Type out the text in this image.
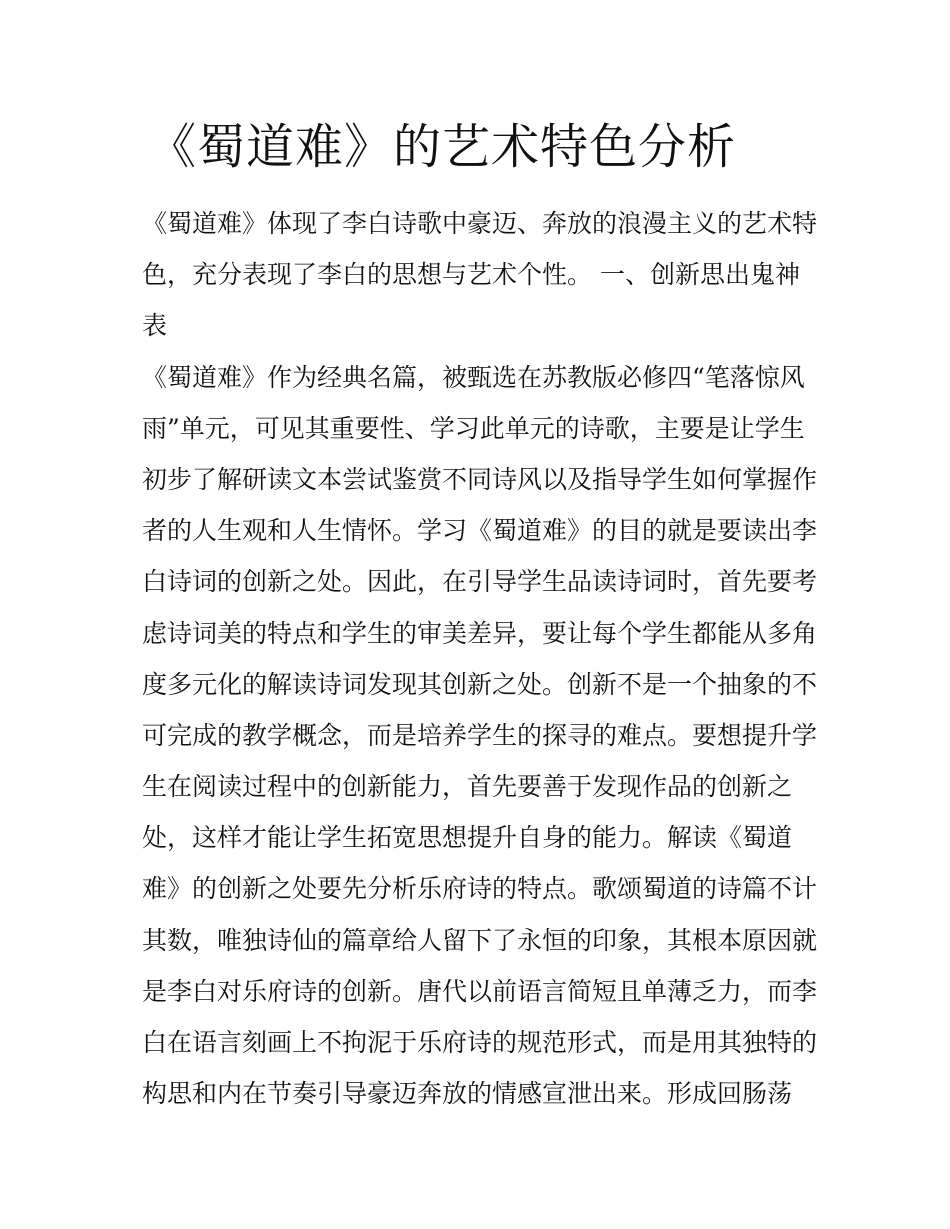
《蜀道难》的艺术特色分析
《蜀道难》体现了李白诗歌中豪迈、奔放的浪漫主义的艺术特
色，充分表现了李白的思想与艺术个性。 一、创新思出鬼神
表
《蜀道难》作为经典名篇，被甄选在苏教版必修四“笔落惊风
雨”单元，可见其重要性、学习此单元的诗歌，主要是让学生
初步了解研读文本尝试鉴赏不同诗风以及指导学生如何掌握作
者的人生观和人生情怀。学习《蜀道难》的目的就是要读出李
白诗词的创新之处。因此，在引导学生品读诗词时，首先要考
虑诗词美的特点和学生的审美差异，要让每个学生都能从多角
度多元化的解读诗词发现其创新之处。创新不是一个抽象的不
可完成的教学概念，而是培养学生的探寻的难点。要想提升学
生在阅读过程中的创新能力，首先要善于发现作品的创新之
处，这样才能让学生拓宽思想提升自身的能力。解读《蜀道
难》的创新之处要先分析乐府诗的特点。歌颂蜀道的诗篇不计
其数，唯独诗仙的篇章给人留下了永恒的印象，其根本原因就
是李白对乐府诗的创新。唐代以前语言简短且单薄乏力，而李
白在语言刻画上不拘泥于乐府诗的规范形式，而是用其独特的
构思和内在节奏引导豪迈奔放的情感宣泄出来。形成回肠荡
